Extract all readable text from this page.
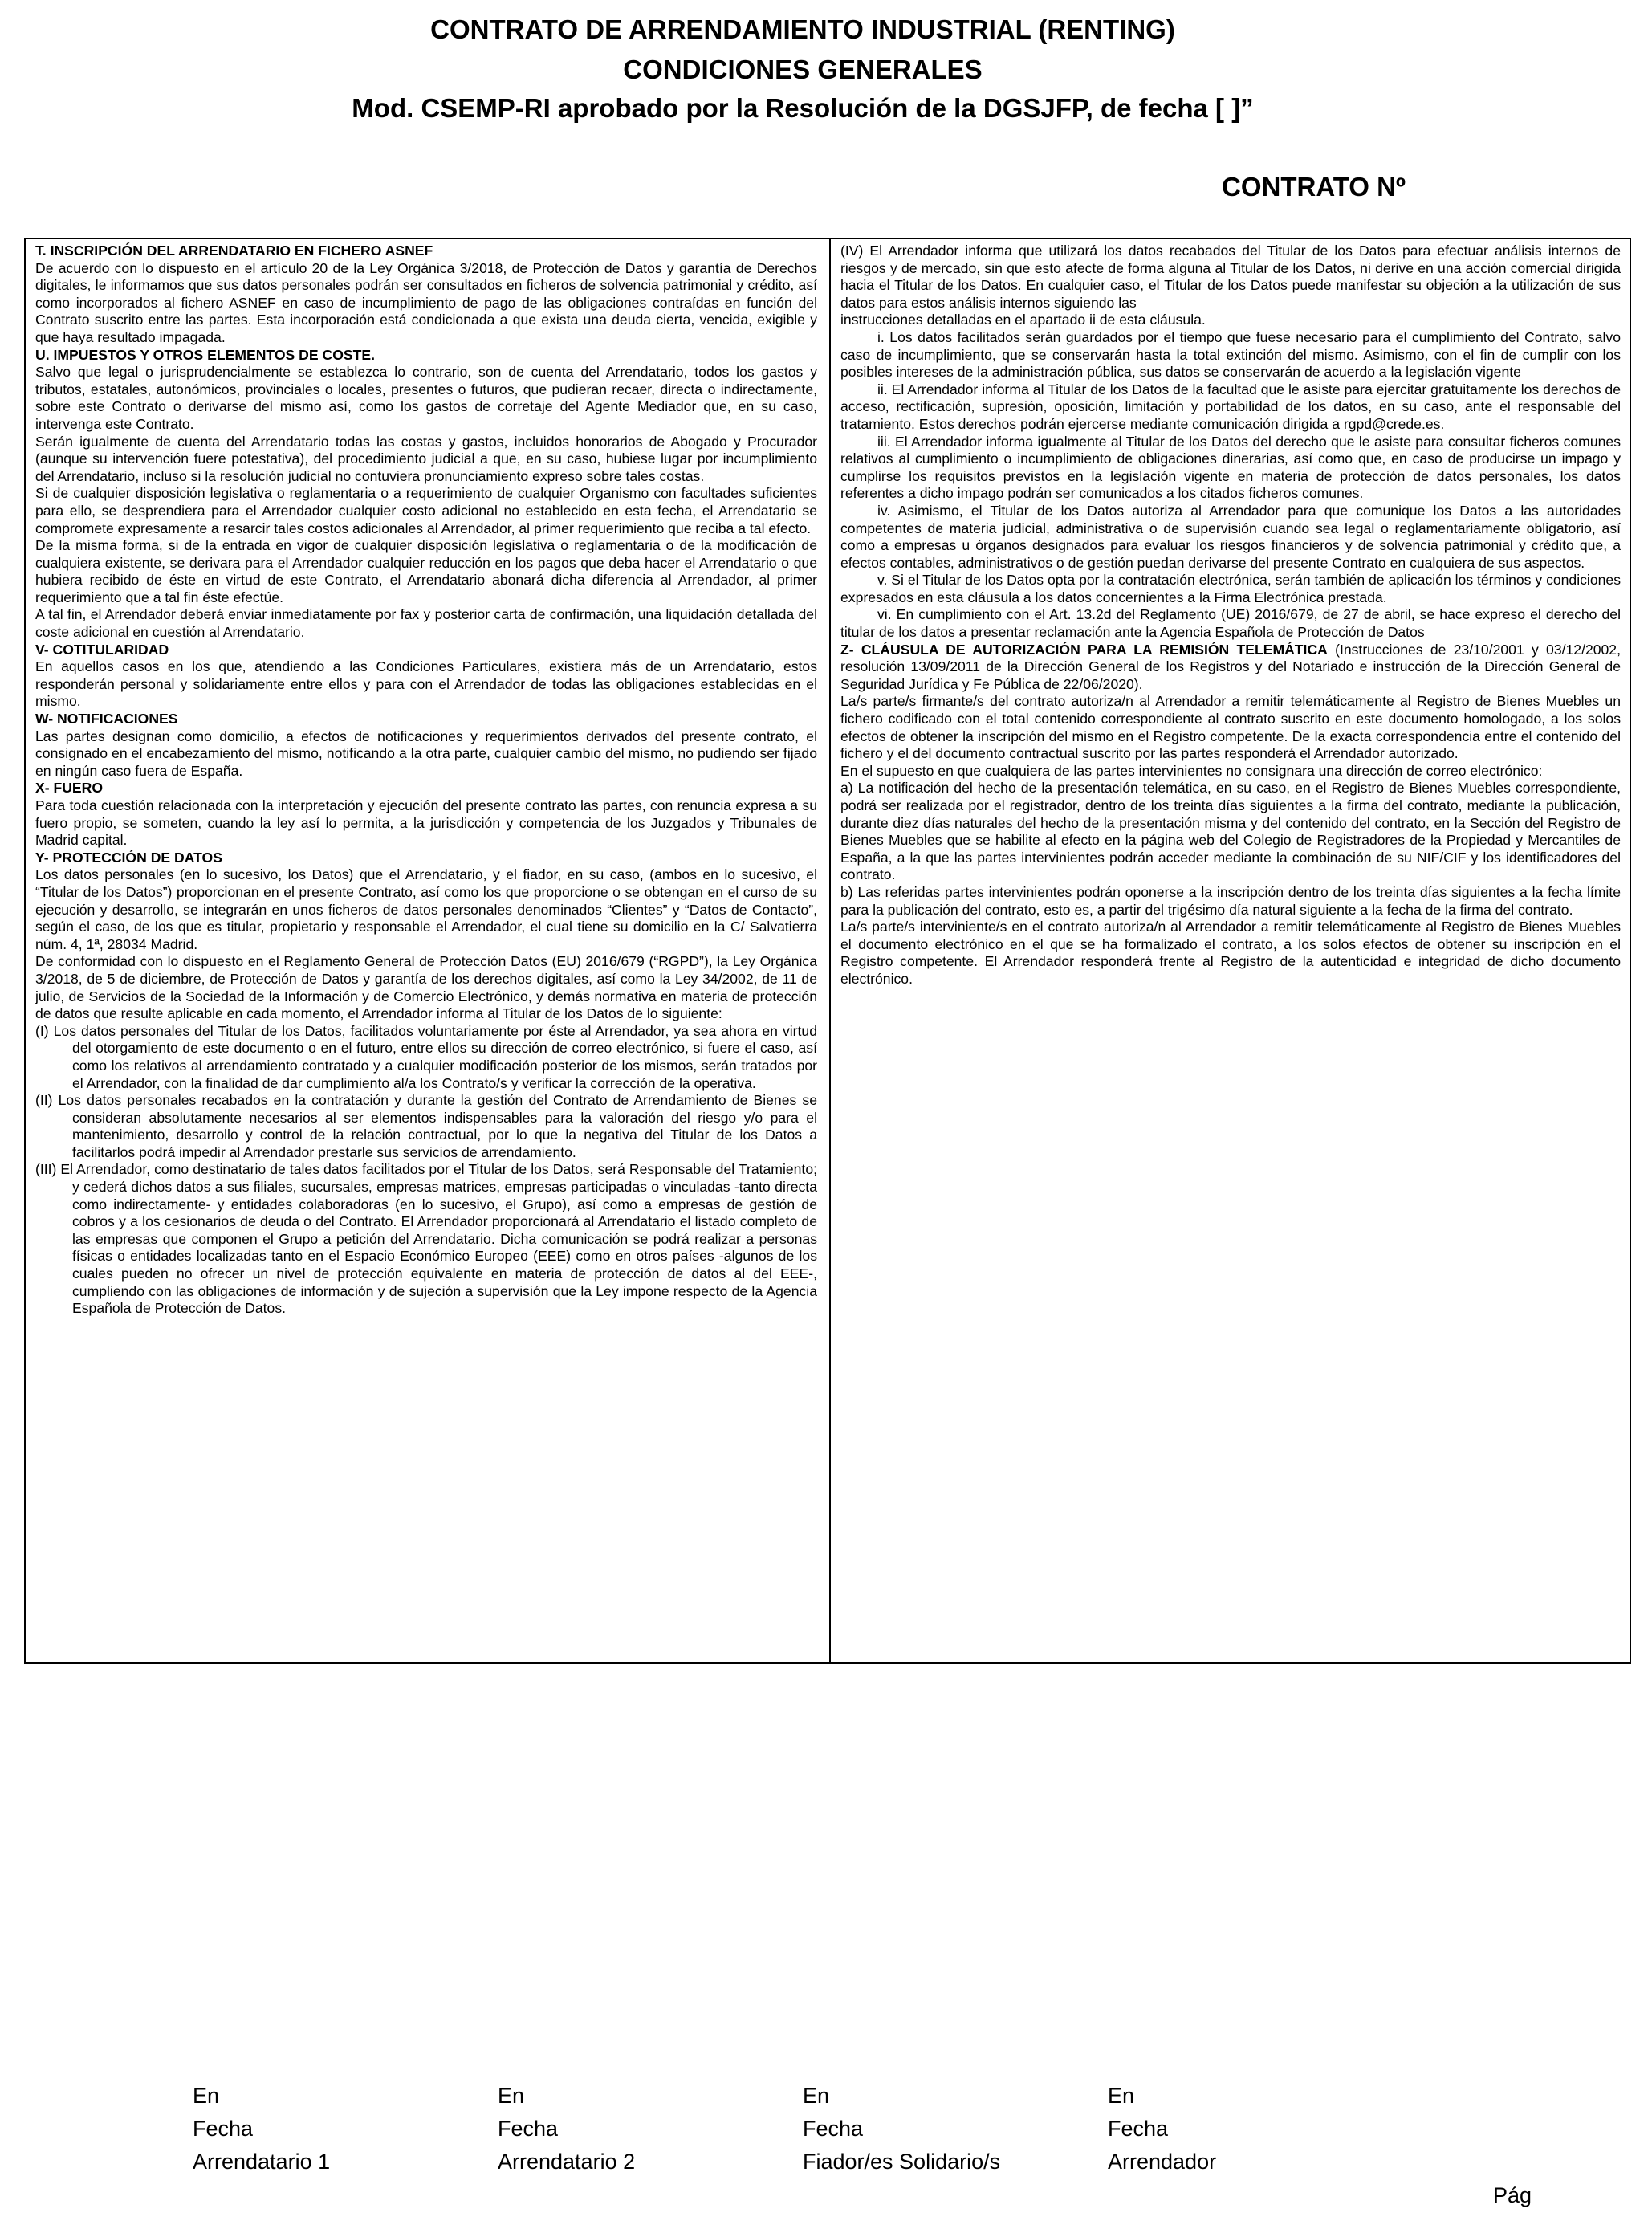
CONTRATO DE ARRENDAMIENTO INDUSTRIAL (RENTING)
CONDICIONES GENERALES
Mod. CSEMP-RI aprobado por la Resolución de la DGSJFP, de fecha [ ]”
CONTRATO Nº

T. INSCRIPCIÓN DEL ARRENDATARIO EN FICHERO ASNEF

De acuerdo con lo dispuesto en el artículo 20 de la Ley Orgánica 3/2018, de Protección de Datos y garantía de Derechos digitales, le informamos que sus datos personales podrán ser consultados en ficheros de solvencia patrimonial y crédito, así como incorporados al fichero ASNEF en caso de incumplimiento de pago de las obligaciones contraídas en función del Contrato suscrito entre las partes. Esta incorporación está condicionada a que exista una deuda cierta, vencida, exigible y que haya resultado impagada.

U. IMPUESTOS Y OTROS ELEMENTOS DE COSTE.

Salvo que legal o jurisprudencialmente se establezca lo contrario, son de cuenta del Arrendatario, todos los gastos y tributos, estatales, autonómicos, provinciales o locales, presentes o futuros, que pudieran recaer, directa o indirectamente, sobre este Contrato o derivarse del mismo así, como los gastos de corretaje del Agente Mediador que, en su caso, intervenga este Contrato.

Serán igualmente de cuenta del Arrendatario todas las costas y gastos, incluidos honorarios de Abogado y Procurador (aunque su intervención fuere potestativa), del procedimiento judicial a que, en su caso, hubiese lugar por incumplimiento del Arrendatario, incluso si la resolución judicial no contuviera pronunciamiento expreso sobre tales costas.

Si de cualquier disposición legislativa o reglamentaria o a requerimiento de cualquier Organismo con facultades suficientes para ello, se desprendiera para el Arrendador cualquier costo adicional no establecido en esta fecha, el Arrendatario se compromete expresamente a resarcir tales costos adicionales al Arrendador, al primer requerimiento que reciba a tal efecto.

De la misma forma, si de la entrada en vigor de cualquier disposición legislativa o reglamentaria o de la modificación de cualquiera existente, se derivara para el Arrendador cualquier reducción en los pagos que deba hacer el Arrendatario o que hubiera recibido de éste en virtud de este Contrato, el Arrendatario abonará dicha diferencia al Arrendador, al primer requerimiento que a tal fin éste efectúe.

A tal fin, el Arrendador deberá enviar inmediatamente por fax y posterior carta de confirmación, una liquidación detallada del coste adicional en cuestión al Arrendatario.

V- COTITULARIDAD

En aquellos casos en los que, atendiendo a las Condiciones Particulares, existiera más de un Arrendatario, estos responderán personal y solidariamente entre ellos y para con el Arrendador de todas las obligaciones establecidas en el mismo.

W- NOTIFICACIONES

Las partes designan como domicilio, a efectos de notificaciones y requerimientos derivados del presente contrato, el consignado en el encabezamiento del mismo, notificando a la otra parte, cualquier cambio del mismo, no pudiendo ser fijado en ningún caso fuera de España.

X- FUERO

Para toda cuestión relacionada con la interpretación y ejecución del presente contrato las partes, con renuncia expresa a su fuero propio, se someten, cuando la ley así lo permita, a la jurisdicción y competencia de los Juzgados y Tribunales de Madrid capital.

Y- PROTECCIÓN DE DATOS

Los datos personales (en lo sucesivo, los Datos) que el Arrendatario, y el fiador, en su caso, (ambos en lo sucesivo, el “Titular de los Datos”) proporcionan en el presente Contrato, así como los que proporcione o se obtengan en el curso de su ejecución y desarrollo, se integrarán en unos ficheros de datos personales denominados “Clientes” y “Datos de Contacto”, según el caso, de los que es titular, propietario y responsable el Arrendador, el cual tiene su domicilio en la C/ Salvatierra núm. 4, 1ª, 28034 Madrid.

De conformidad con lo dispuesto en el Reglamento General de Protección Datos (EU) 2016/679 (“RGPD”), la Ley Orgánica 3/2018, de 5 de diciembre, de Protección de Datos y garantía de los derechos digitales, así como la Ley 34/2002, de 11 de julio, de Servicios de la Sociedad de la Información y de Comercio Electrónico, y demás normativa en materia de protección de datos que resulte aplicable en cada momento, el Arrendador informa al Titular de los Datos de lo siguiente:

(I) Los datos personales del Titular de los Datos, facilitados voluntariamente por éste al Arrendador, ya sea ahora en virtud del otorgamiento de este documento o en el futuro, entre ellos su dirección de correo electrónico, si fuere el caso, así como los relativos al arrendamiento contratado y a cualquier modificación posterior de los mismos, serán tratados por el Arrendador, con la finalidad de dar cumplimiento al/a los Contrato/s y verificar la corrección de la operativa.

(II) Los datos personales recabados en la contratación y durante la gestión del Contrato de Arrendamiento de Bienes se consideran absolutamente necesarios al ser elementos indispensables para la valoración del riesgo y/o para el mantenimiento, desarrollo y control de la relación contractual, por lo que la negativa del Titular de los Datos a facilitarlos podrá impedir al Arrendador prestarle sus servicios de arrendamiento.

(III) El Arrendador, como destinatario de tales datos facilitados por el Titular de los Datos, será Responsable del Tratamiento; y cederá dichos datos a sus filiales, sucursales, empresas matrices, empresas participadas o vinculadas -tanto directa como indirectamente- y entidades colaboradoras (en lo sucesivo, el Grupo), así como a empresas de gestión de cobros y a los cesionarios de deuda o del Contrato. El Arrendador proporcionará al Arrendatario el listado completo de las empresas que componen el Grupo a petición del Arrendatario. Dicha comunicación se podrá realizar a personas físicas o entidades localizadas tanto en el Espacio Económico Europeo (EEE) como en otros países -algunos de los cuales pueden no ofrecer un nivel de protección equivalente en materia de protección de datos al del EEE-, cumpliendo con las obligaciones de información y de sujeción a supervisión que la Ley impone respecto de la Agencia Española de Protección de Datos.

(IV) El Arrendador informa que utilizará los datos recabados del Titular de los Datos para efectuar análisis internos de riesgos y de mercado, sin que esto afecte de forma alguna al Titular de los Datos, ni derive en una acción comercial dirigida hacia el Titular de los Datos. En cualquier caso, el Titular de los Datos puede manifestar su objeción a la utilización de sus datos para estos análisis internos siguiendo las

instrucciones detalladas en el apartado ii de esta cláusula.

i. Los datos facilitados serán guardados por el tiempo que fuese necesario para el cumplimiento del Contrato, salvo caso de incumplimiento, que se conservarán hasta la total extinción del mismo. Asimismo, con el fin de cumplir con los posibles intereses de la administración pública, sus datos se conservarán de acuerdo a la legislación vigente

ii. El Arrendador informa al Titular de los Datos de la facultad que le asiste para ejercitar gratuitamente los derechos de acceso, rectificación, supresión, oposición, limitación y portabilidad de los datos, en su caso, ante el responsable del tratamiento. Estos derechos podrán ejercerse mediante comunicación dirigida a rgpd@crede.es.

iii. El Arrendador informa igualmente al Titular de los Datos del derecho que le asiste para consultar ficheros comunes relativos al cumplimiento o incumplimiento de obligaciones dinerarias, así como que, en caso de producirse un impago y cumplirse los requisitos previstos en la legislación vigente en materia de protección de datos personales, los datos referentes a dicho impago podrán ser comunicados a los citados ficheros comunes.

iv. Asimismo, el Titular de los Datos autoriza al Arrendador para que comunique los Datos a las autoridades competentes de materia judicial, administrativa o de supervisión cuando sea legal o reglamentariamente obligatorio, así como a empresas u órganos designados para evaluar los riesgos financieros y de solvencia patrimonial y crédito que, a efectos contables, administrativos o de gestión puedan derivarse del presente Contrato en cualquiera de sus aspectos.

v. Si el Titular de los Datos opta por la contratación electrónica, serán también de aplicación los términos y condiciones expresados en esta cláusula a los datos concernientes a la Firma Electrónica prestada.

vi. En cumplimiento con el Art. 13.2d del Reglamento (UE) 2016/679, de 27 de abril, se hace expreso el derecho del titular de los datos a presentar reclamación ante la Agencia Española de Protección de Datos

Z- CLÁUSULA DE AUTORIZACIÓN PARA LA REMISIÓN TELEMÁTICA (Instrucciones de 23/10/2001 y 03/12/2002, resolución 13/09/2011 de la Dirección General de los Registros y del Notariado e instrucción de la Dirección General de Seguridad Jurídica y Fe Pública de 22/06/2020).

La/s parte/s firmante/s del contrato autoriza/n al Arrendador a remitir telemáticamente al Registro de Bienes Muebles un fichero codificado con el total contenido correspondiente al contrato suscrito en este documento homologado, a los solos efectos de obtener la inscripción del mismo en el Registro competente. De la exacta correspondencia entre el contenido del fichero y el del documento contractual suscrito por las partes responderá el Arrendador autorizado.

En el supuesto en que cualquiera de las partes intervinientes no consignara una dirección de correo electrónico:

a) La notificación del hecho de la presentación telemática, en su caso, en el Registro de Bienes Muebles correspondiente, podrá ser realizada por el registrador, dentro de los treinta días siguientes a la firma del contrato, mediante la publicación, durante diez días naturales del hecho de la presentación misma y del contenido del contrato, en la Sección del Registro de Bienes Muebles que se habilite al efecto en la página web del Colegio de Registradores de la Propiedad y Mercantiles de España, a la que las partes intervinientes podrán acceder mediante la combinación de su NIF/CIF y los identificadores del contrato.

b) Las referidas partes intervinientes podrán oponerse a la inscripción dentro de los treinta días siguientes a la fecha límite para la publicación del contrato, esto es, a partir del trigésimo día natural siguiente a la fecha de la firma del contrato.

La/s parte/s interviniente/s en el contrato autoriza/n al Arrendador a remitir telemáticamente al Registro de Bienes Muebles el documento electrónico en el que se ha formalizado el contrato, a los solos efectos de obtener su inscripción en el Registro competente. El Arrendador responderá frente al Registro de la autenticidad e integridad de dicho documento electrónico.

En
Fecha
Arrendatario 1
En
Fecha
Arrendatario 2
En
Fecha
Fiador/es Solidario/s
En
Fecha
Arrendador
Pág
